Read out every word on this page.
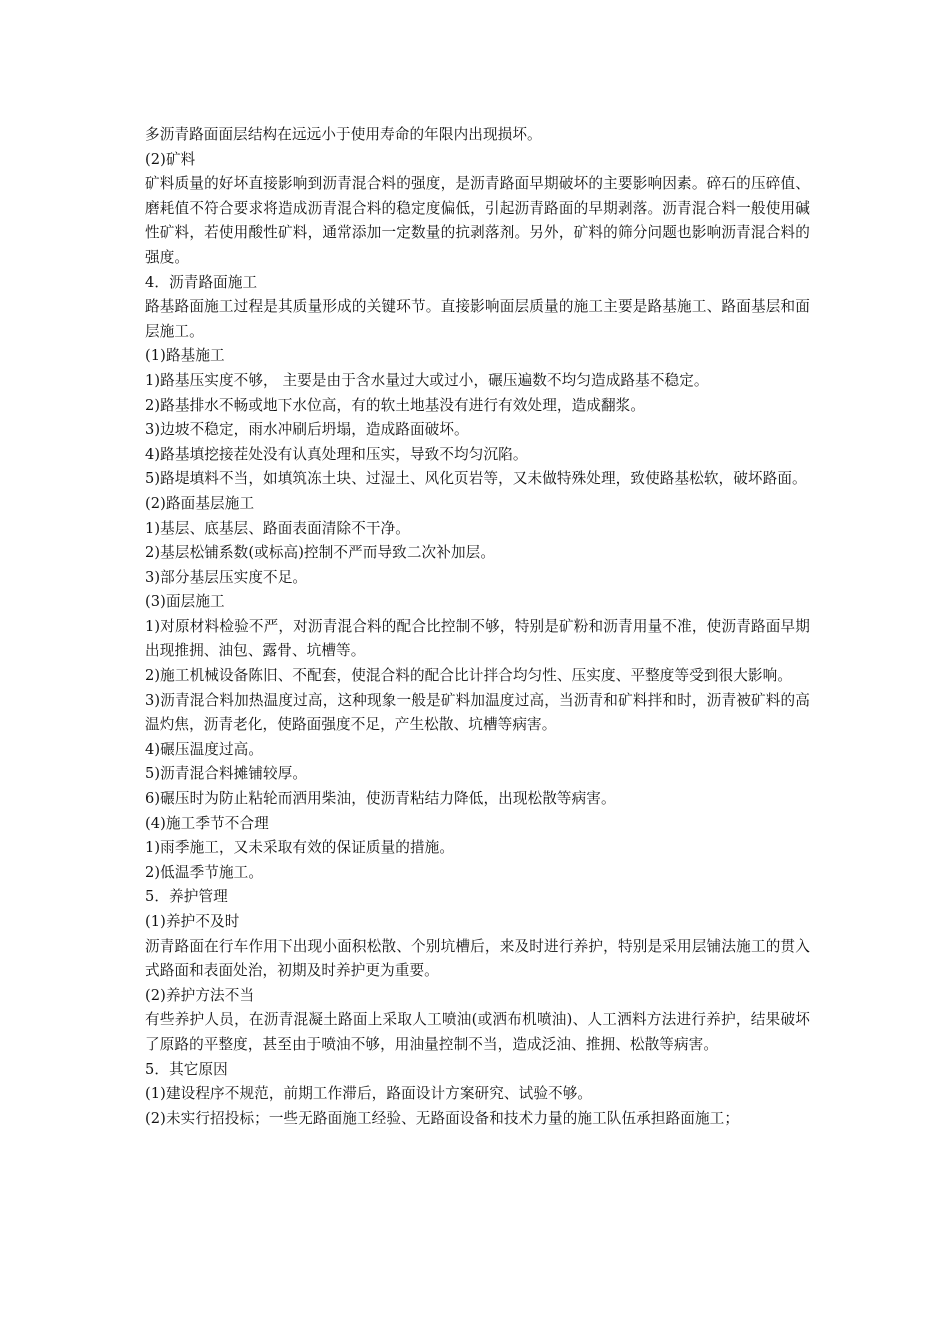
多沥青路面面层结构在远远小于使用寿命的年限内出现损坏。

(2)矿料

矿料质量的好坏直接影响到沥青混合料的强度，是沥青路面早期破坏的主要影响因素。碎石的压碎值、磨耗值不符合要求将造成沥青混合料的稳定度偏低，引起沥青路面的早期剥落。沥青混合料一般使用碱性矿料，若使用酸性矿料，通常添加一定数量的抗剥落剂。另外，矿料的筛分问题也影响沥青混合料的强度。

4．沥青路面施工

路基路面施工过程是其质量形成的关键环节。直接影响面层质量的施工主要是路基施工、路面基层和面层施工。

(1)路基施工

1)路基压实度不够， 主要是由于含水量过大或过小，碾压遍数不均匀造成路基不稳定。

2)路基排水不畅或地下水位高，有的软土地基没有进行有效处理，造成翻浆。

3)边坡不稳定，雨水冲刷后坍塌，造成路面破坏。

4)路基填挖接茬处没有认真处理和压实，导致不均匀沉陷。

5)路堤填料不当，如填筑冻土块、过湿土、风化页岩等，又未做特殊处理，致使路基松软，破坏路面。

(2)路面基层施工

1)基层、底基层、路面表面清除不干净。

2)基层松铺系数(或标高)控制不严而导致二次补加层。

3)部分基层压实度不足。

(3)面层施工

1)对原材料检验不严，对沥青混合料的配合比控制不够，特别是矿粉和沥青用量不准，使沥青路面早期出现推拥、油包、露骨、坑槽等。

2)施工机械设备陈旧、不配套，使混合料的配合比计拌合均匀性、压实度、平整度等受到很大影响。

3)沥青混合料加热温度过高，这种现象一般是矿料加温度过高，当沥青和矿料拌和时，沥青被矿料的高温灼焦，沥青老化，使路面强度不足，产生松散、坑槽等病害。

4)碾压温度过高。

5)沥青混合料摊铺较厚。

6)碾压时为防止粘轮而洒用柴油，使沥青粘结力降低，出现松散等病害。

(4)施工季节不合理

1)雨季施工，又未采取有效的保证质量的措施。

2)低温季节施工。

5．养护管理

(1)养护不及时

沥青路面在行车作用下出现小面积松散、个别坑槽后，来及时进行养护，特别是采用层铺法施工的贯入式路面和表面处治，初期及时养护更为重要。

(2)养护方法不当

有些养护人员，在沥青混凝土路面上采取人工喷油(或洒布机喷油)、人工洒料方法进行养护，结果破坏了原路的平整度，甚至由于喷油不够，用油量控制不当，造成泛油、推拥、松散等病害。

5．其它原因

(1)建设程序不规范，前期工作滞后，路面设计方案研究、试验不够。

(2)未实行招投标；一些无路面施工经验、无路面设备和技术力量的施工队伍承担路面施工；
